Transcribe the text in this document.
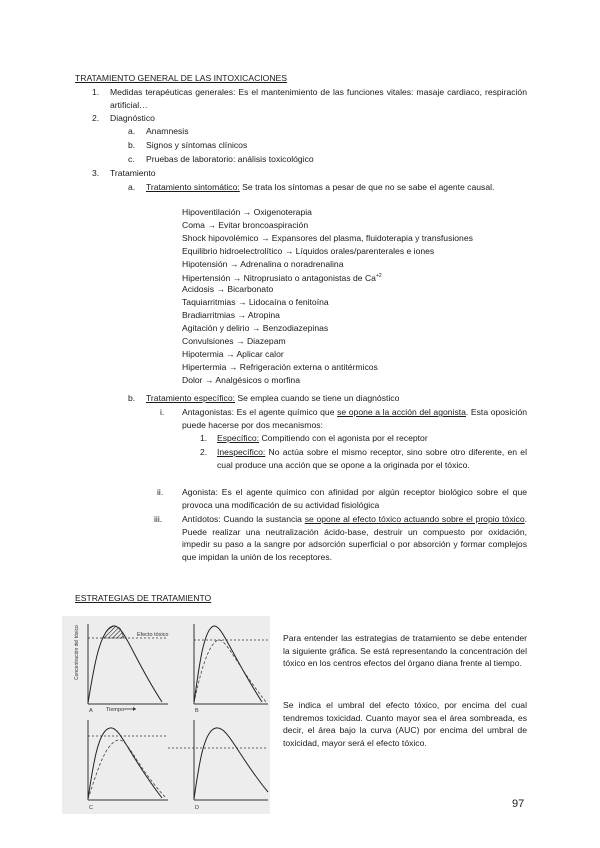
TRATAMIENTO GENERAL DE LAS INTOXICACIONES
1. Medidas terapéuticas generales: Es el mantenimiento de las funciones vitales: masaje cardiaco, respiración artificial…
2. Diagnóstico
a. Anamnesis
b. Signos y síntomas clínicos
c. Pruebas de laboratorio: análisis toxicológico
3. Tratamiento
a. Tratamiento sintomático: Se trata los síntomas a pesar de que no se sabe el agente causal.
Hipoventilación → Oxigenoterapia
Coma → Evitar broncoaspiración
Shock hipovolémico → Expansores del plasma, fluidoterapia y transfusiones
Equilibrio hidroelectrolítico → Líquidos orales/parenterales e iones
Hipotensión → Adrenalina o noradrenalina
Hipertensión → Nitroprusiato o antagonistas de $Ca^{+2}$
Acidosis → Bicarbonato
Taquiarritmias → Lidocaína o fenitoína
Bradiarritmias → Atropina
Agitación y delirio → Benzodiazepinas
Convulsiones → Diazepam
Hipotermia → Aplicar calor
Hipertermia → Refrigeración externa o antitérmicos
Dolor → Analgésicos o morfina
b. Tratamiento específico: Se emplea cuando se tiene un diagnóstico
i. Antagonistas: Es el agente químico que se opone a la acción del agonista. Esta oposición puede hacerse por dos mecanismos:
1. Específico: Compitiendo con el agonista por el receptor
2. Inespecífico: No actúa sobre el mismo receptor, sino sobre otro diferente, en el cual produce una acción que se opone a la originada por el tóxico.
ii. Agonista: Es el agente químico con afinidad por algún receptor biológico sobre el que provoca una modificación de su actividad fisiológica
iii. Antídotos: Cuando la sustancia se opone al efecto tóxico actuando sobre el propio tóxico. Puede realizar una neutralización ácido-base, destruir un compuesto por oxidación, impedir su paso a la sangre por adsorción superficial o por absorción y formar complejos que impidan la unión de los receptores.
ESTRATEGIAS DE TRATAMIENTO
Efecto tóxico
Concentración del tóxico
Tiempo
A	B
C	D
Para entender las estrategias de tratamiento se debe entender la siguiente gráfica. Se está representando la concentración del tóxico en los centros efectos del órgano diana frente al tiempo.
Se indica el umbral del efecto tóxico, por encima del cual tendremos toxicidad. Cuanto mayor sea el área sombreada, es decir, el área bajo la curva (AUC) por encima del umbral de toxicidad, mayor será el efecto tóxico.
97
